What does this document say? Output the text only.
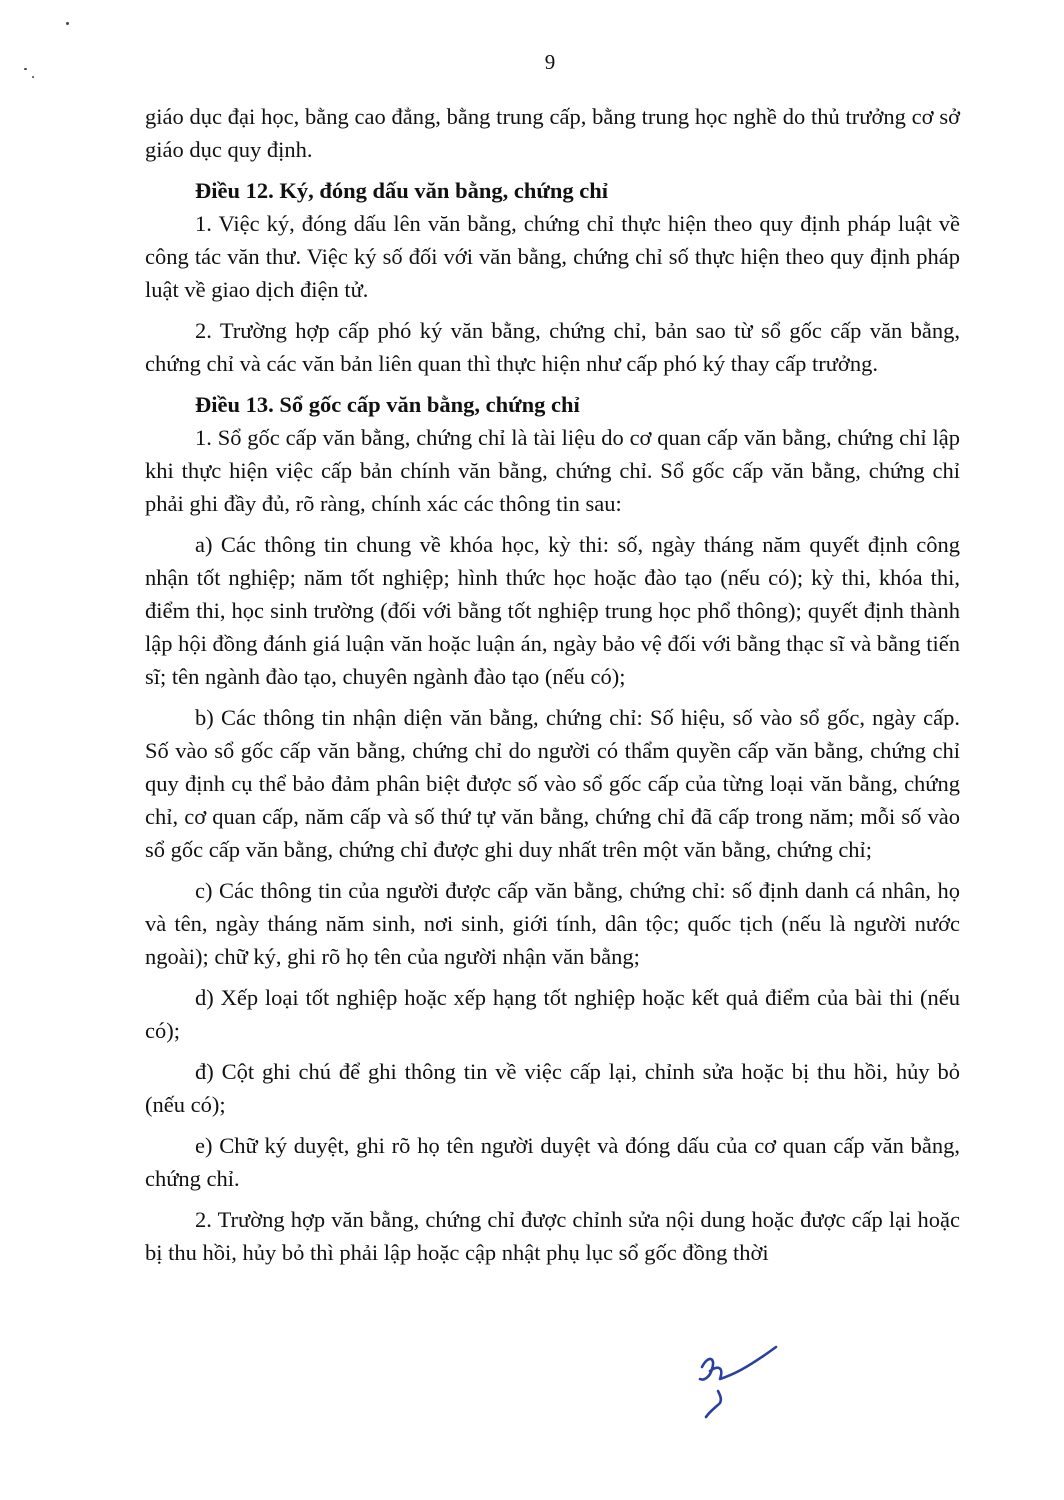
9

giáo dục đại học, bằng cao đẳng, bằng trung cấp, bằng trung học nghề do thủ trưởng cơ sở giáo dục quy định.

Điều 12. Ký, đóng dấu văn bằng, chứng chỉ

1. Việc ký, đóng dấu lên văn bằng, chứng chỉ thực hiện theo quy định pháp luật về công tác văn thư. Việc ký số đối với văn bằng, chứng chỉ số thực hiện theo quy định pháp luật về giao dịch điện tử.

2. Trường hợp cấp phó ký văn bằng, chứng chỉ, bản sao từ sổ gốc cấp văn bằng, chứng chỉ và các văn bản liên quan thì thực hiện như cấp phó ký thay cấp trưởng.

Điều 13. Sổ gốc cấp văn bằng, chứng chỉ

1. Sổ gốc cấp văn bằng, chứng chỉ là tài liệu do cơ quan cấp văn bằng, chứng chỉ lập khi thực hiện việc cấp bản chính văn bằng, chứng chỉ. Sổ gốc cấp văn bằng, chứng chỉ phải ghi đầy đủ, rõ ràng, chính xác các thông tin sau:

a) Các thông tin chung về khóa học, kỳ thi: số, ngày tháng năm quyết định công nhận tốt nghiệp; năm tốt nghiệp; hình thức học hoặc đào tạo (nếu có); kỳ thi, khóa thi, điểm thi, học sinh trường (đối với bằng tốt nghiệp trung học phổ thông); quyết định thành lập hội đồng đánh giá luận văn hoặc luận án, ngày bảo vệ đối với bằng thạc sĩ và bằng tiến sĩ; tên ngành đào tạo, chuyên ngành đào tạo (nếu có);

b) Các thông tin nhận diện văn bằng, chứng chỉ: Số hiệu, số vào sổ gốc, ngày cấp. Số vào sổ gốc cấp văn bằng, chứng chỉ do người có thẩm quyền cấp văn bằng, chứng chỉ quy định cụ thể bảo đảm phân biệt được số vào sổ gốc cấp của từng loại văn bằng, chứng chỉ, cơ quan cấp, năm cấp và số thứ tự văn bằng, chứng chỉ đã cấp trong năm; mỗi số vào sổ gốc cấp văn bằng, chứng chỉ được ghi duy nhất trên một văn bằng, chứng chỉ;

c) Các thông tin của người được cấp văn bằng, chứng chỉ: số định danh cá nhân, họ và tên, ngày tháng năm sinh, nơi sinh, giới tính, dân tộc; quốc tịch (nếu là người nước ngoài); chữ ký, ghi rõ họ tên của người nhận văn bằng;

d) Xếp loại tốt nghiệp hoặc xếp hạng tốt nghiệp hoặc kết quả điểm của bài thi (nếu có);

đ) Cột ghi chú để ghi thông tin về việc cấp lại, chỉnh sửa hoặc bị thu hồi, hủy bỏ (nếu có);

e) Chữ ký duyệt, ghi rõ họ tên người duyệt và đóng dấu của cơ quan cấp văn bằng, chứng chỉ.

2. Trường hợp văn bằng, chứng chỉ được chỉnh sửa nội dung hoặc được cấp lại hoặc bị thu hồi, hủy bỏ thì phải lập hoặc cập nhật phụ lục sổ gốc đồng thời
